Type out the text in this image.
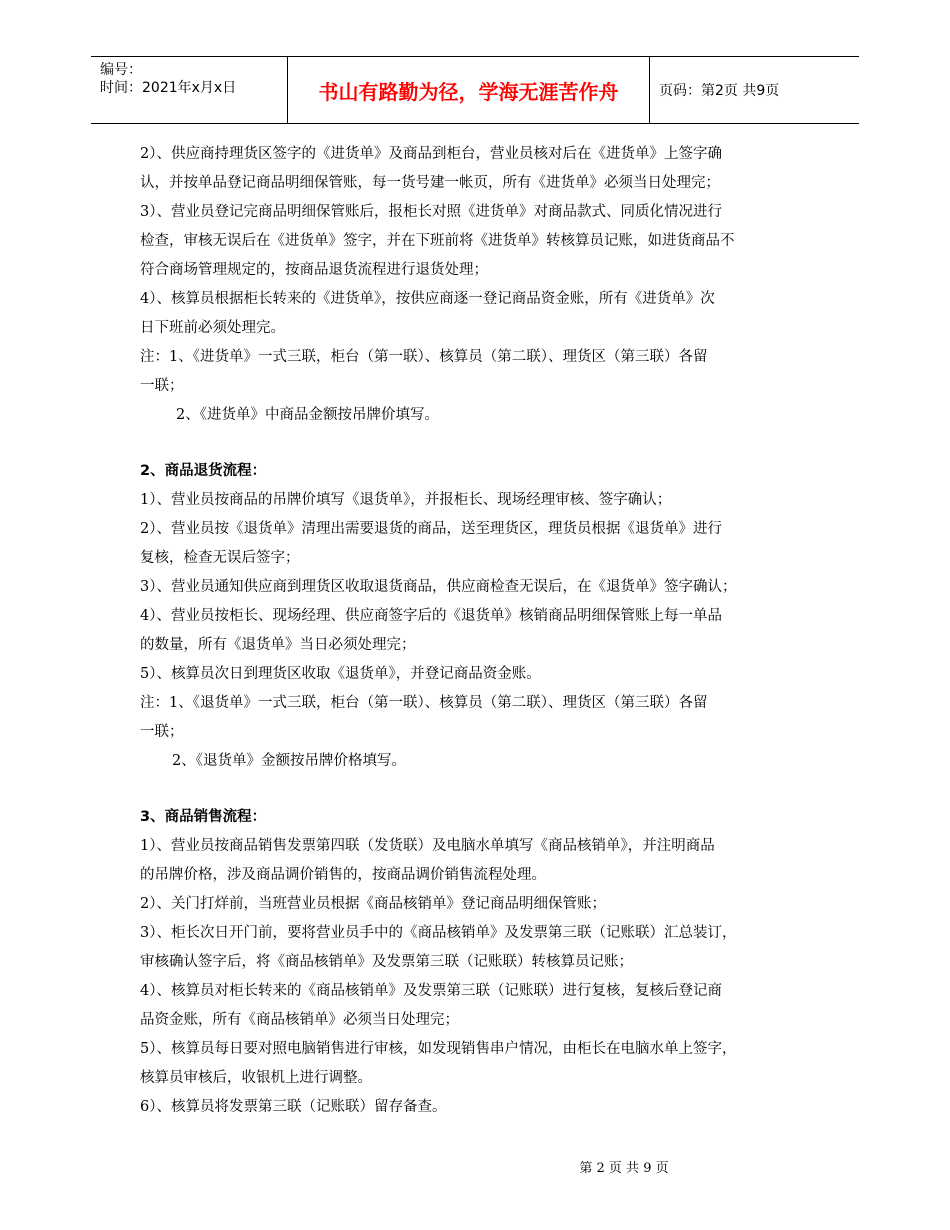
编号：
时间：2021年x月x日	书山有路勤为径，学海无涯苦作舟	页码：第2页 共9页

2）、供应商持理货区签字的《进货单》及商品到柜台，营业员核对后在《进货单》上签字确

认，并按单品登记商品明细保管账，每一货号建一帐页，所有《进货单》必须当日处理完；

3）、营业员登记完商品明细保管账后，报柜长对照《进货单》对商品款式、同质化情况进行

检查，审核无误后在《进货单》签字，并在下班前将《进货单》转核算员记账，如进货商品不

符合商场管理规定的，按商品退货流程进行退货处理；

4）、核算员根据柜长转来的《进货单》，按供应商逐一登记商品资金账，所有《进货单》次

日下班前必须处理完。

注：1、《进货单》一式三联，柜台（第一联）、核算员（第二联）、理货区（第三联）各留

一联；

2、《进货单》中商品金额按吊牌价填写。

2、商品退货流程：

1）、营业员按商品的吊牌价填写《退货单》，并报柜长、现场经理审核、签字确认；

2）、营业员按《退货单》清理出需要退货的商品，送至理货区，理货员根据《退货单》进行

复核，检查无误后签字；

3）、营业员通知供应商到理货区收取退货商品，供应商检查无误后，在《退货单》签字确认；

4）、营业员按柜长、现场经理、供应商签字后的《退货单》核销商品明细保管账上每一单品

的数量，所有《退货单》当日必须处理完；

5）、核算员次日到理货区收取《退货单》，并登记商品资金账。

注：1、《退货单》一式三联，柜台（第一联）、核算员（第二联）、理货区（第三联）各留

一联；

2、《退货单》金额按吊牌价格填写。

3、商品销售流程：

1）、营业员按商品销售发票第四联（发货联）及电脑水单填写《商品核销单》，并注明商品

的吊牌价格，涉及商品调价销售的，按商品调价销售流程处理。

2）、关门打烊前，当班营业员根据《商品核销单》登记商品明细保管账；

3）、柜长次日开门前，要将营业员手中的《商品核销单》及发票第三联（记账联）汇总装订，

审核确认签字后，将《商品核销单》及发票第三联（记账联）转核算员记账；

4）、核算员对柜长转来的《商品核销单》及发票第三联（记账联）进行复核，复核后登记商

品资金账，所有《商品核销单》必须当日处理完；

5）、核算员每日要对照电脑销售进行审核，如发现销售串户情况，由柜长在电脑水单上签字，

核算员审核后，收银机上进行调整。

6）、核算员将发票第三联（记账联）留存备查。

第 2 页 共 9 页
